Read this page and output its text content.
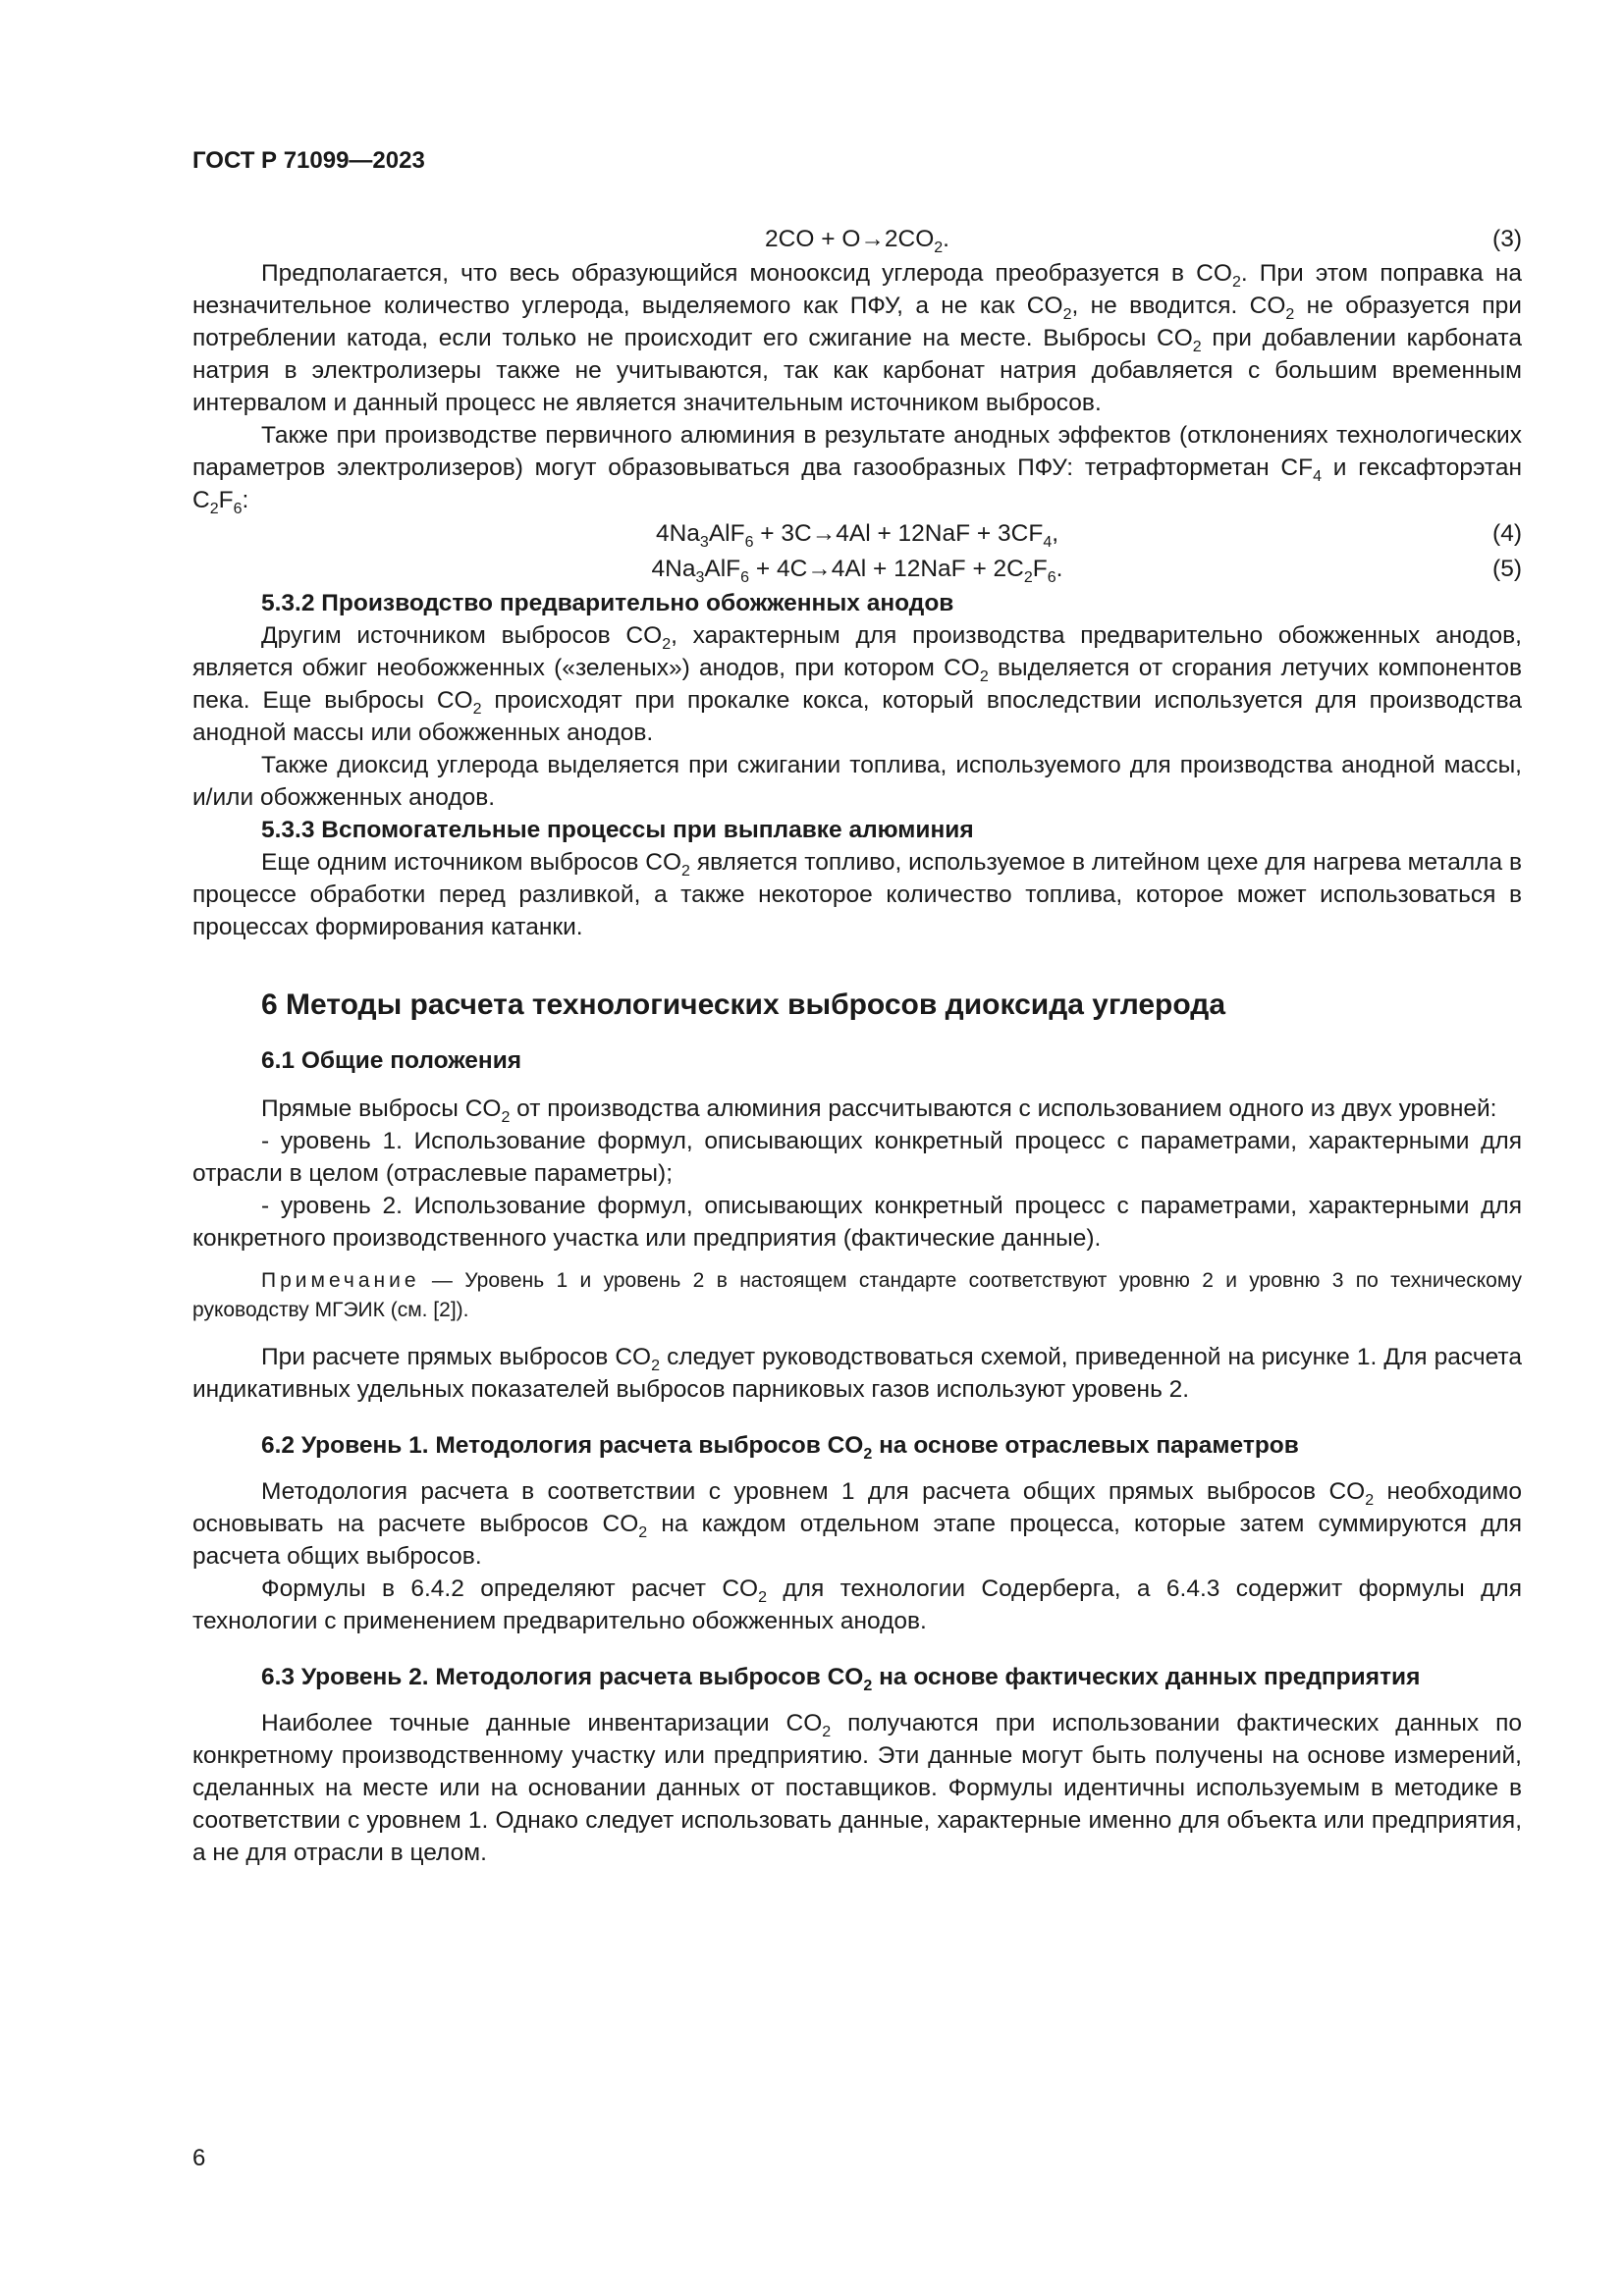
ГОСТ Р 71099—2023
$2CO + O\to 2CO_2$.	(3)

Предполагается, что весь образующийся монооксид углерода преобразуется в $CO_2$. При этом поправка на незначительное количество углерода, выделяемого как ПФУ, а не как $CO_2$, не вводится. $CO_2$ не образуется при потреблении катода, если только не происходит его сжигание на месте. Выбросы $CO_2$ при добавлении карбоната натрия в электролизеры также не учитываются, так как карбонат натрия добавляется с большим временным интервалом и данный процесс не является значительным источником выбросов.

Также при производстве первичного алюминия в результате анодных эффектов (отклонениях технологических параметров электролизеров) могут образовываться два газообразных ПФУ: тетрафторметан $CF_4$ и гексафторэтан $C_2F_6$:

$4Na_3AlF_6 + 3C\to 4Al + 12NaF + 3CF_4$,	(4)
$4Na_3AlF_6 + 4C\to 4Al + 12NaF + 2C_2F_6$.	(5)

5.3.2 Производство предварительно обожженных анодов

Другим источником выбросов $CO_2$, характерным для производства предварительно обожженных анодов, является обжиг необожженных («зеленых») анодов, при котором $CO_2$ выделяется от сгорания летучих компонентов пека. Еще выбросы $CO_2$ происходят при прокалке кокса, который впоследствии используется для производства анодной массы или обожженных анодов.

Также диоксид углерода выделяется при сжигании топлива, используемого для производства анодной массы, и/или обожженных анодов.

5.3.3 Вспомогательные процессы при выплавке алюминия

Еще одним источником выбросов $CO_2$ является топливо, используемое в литейном цехе для нагрева металла в процессе обработки перед разливкой, а также некоторое количество топлива, которое может использоваться в процессах формирования катанки.

6 Методы расчета технологических выбросов диоксида углерода
6.1 Общие положения

Прямые выбросы $CO_2$ от производства алюминия рассчитываются с использованием одного из двух уровней:

- уровень 1. Использование формул, описывающих конкретный процесс с параметрами, характерными для отрасли в целом (отраслевые параметры);

- уровень 2. Использование формул, описывающих конкретный процесс с параметрами, характерными для конкретного производственного участка или предприятия (фактические данные).

Примечание — Уровень 1 и уровень 2 в настоящем стандарте соответствуют уровню 2 и уровню 3 по техническому руководству МГЭИК (см. [2]).

При расчете прямых выбросов $CO_2$ следует руководствоваться схемой, приведенной на рисунке 1. Для расчета индикативных удельных показателей выбросов парниковых газов используют уровень 2.

6.2 Уровень 1. Методология расчета выбросов $CO_2$ на основе отраслевых параметров

Методология расчета в соответствии с уровнем 1 для расчета общих прямых выбросов $CO_2$ необходимо основывать на расчете выбросов $CO_2$ на каждом отдельном этапе процесса, которые затем суммируются для расчета общих выбросов.

Формулы в 6.4.2 определяют расчет $CO_2$ для технологии Содерберга, а 6.4.3 содержит формулы для технологии с применением предварительно обожженных анодов.

6.3 Уровень 2. Методология расчета выбросов $CO_2$ на основе фактических данных предприятия

Наиболее точные данные инвентаризации $CO_2$ получаются при использовании фактических данных по конкретному производственному участку или предприятию. Эти данные могут быть получены на основе измерений, сделанных на месте или на основании данных от поставщиков. Формулы идентичны используемым в методике в соответствии с уровнем 1. Однако следует использовать данные, характерные именно для объекта или предприятия, а не для отрасли в целом.

6
